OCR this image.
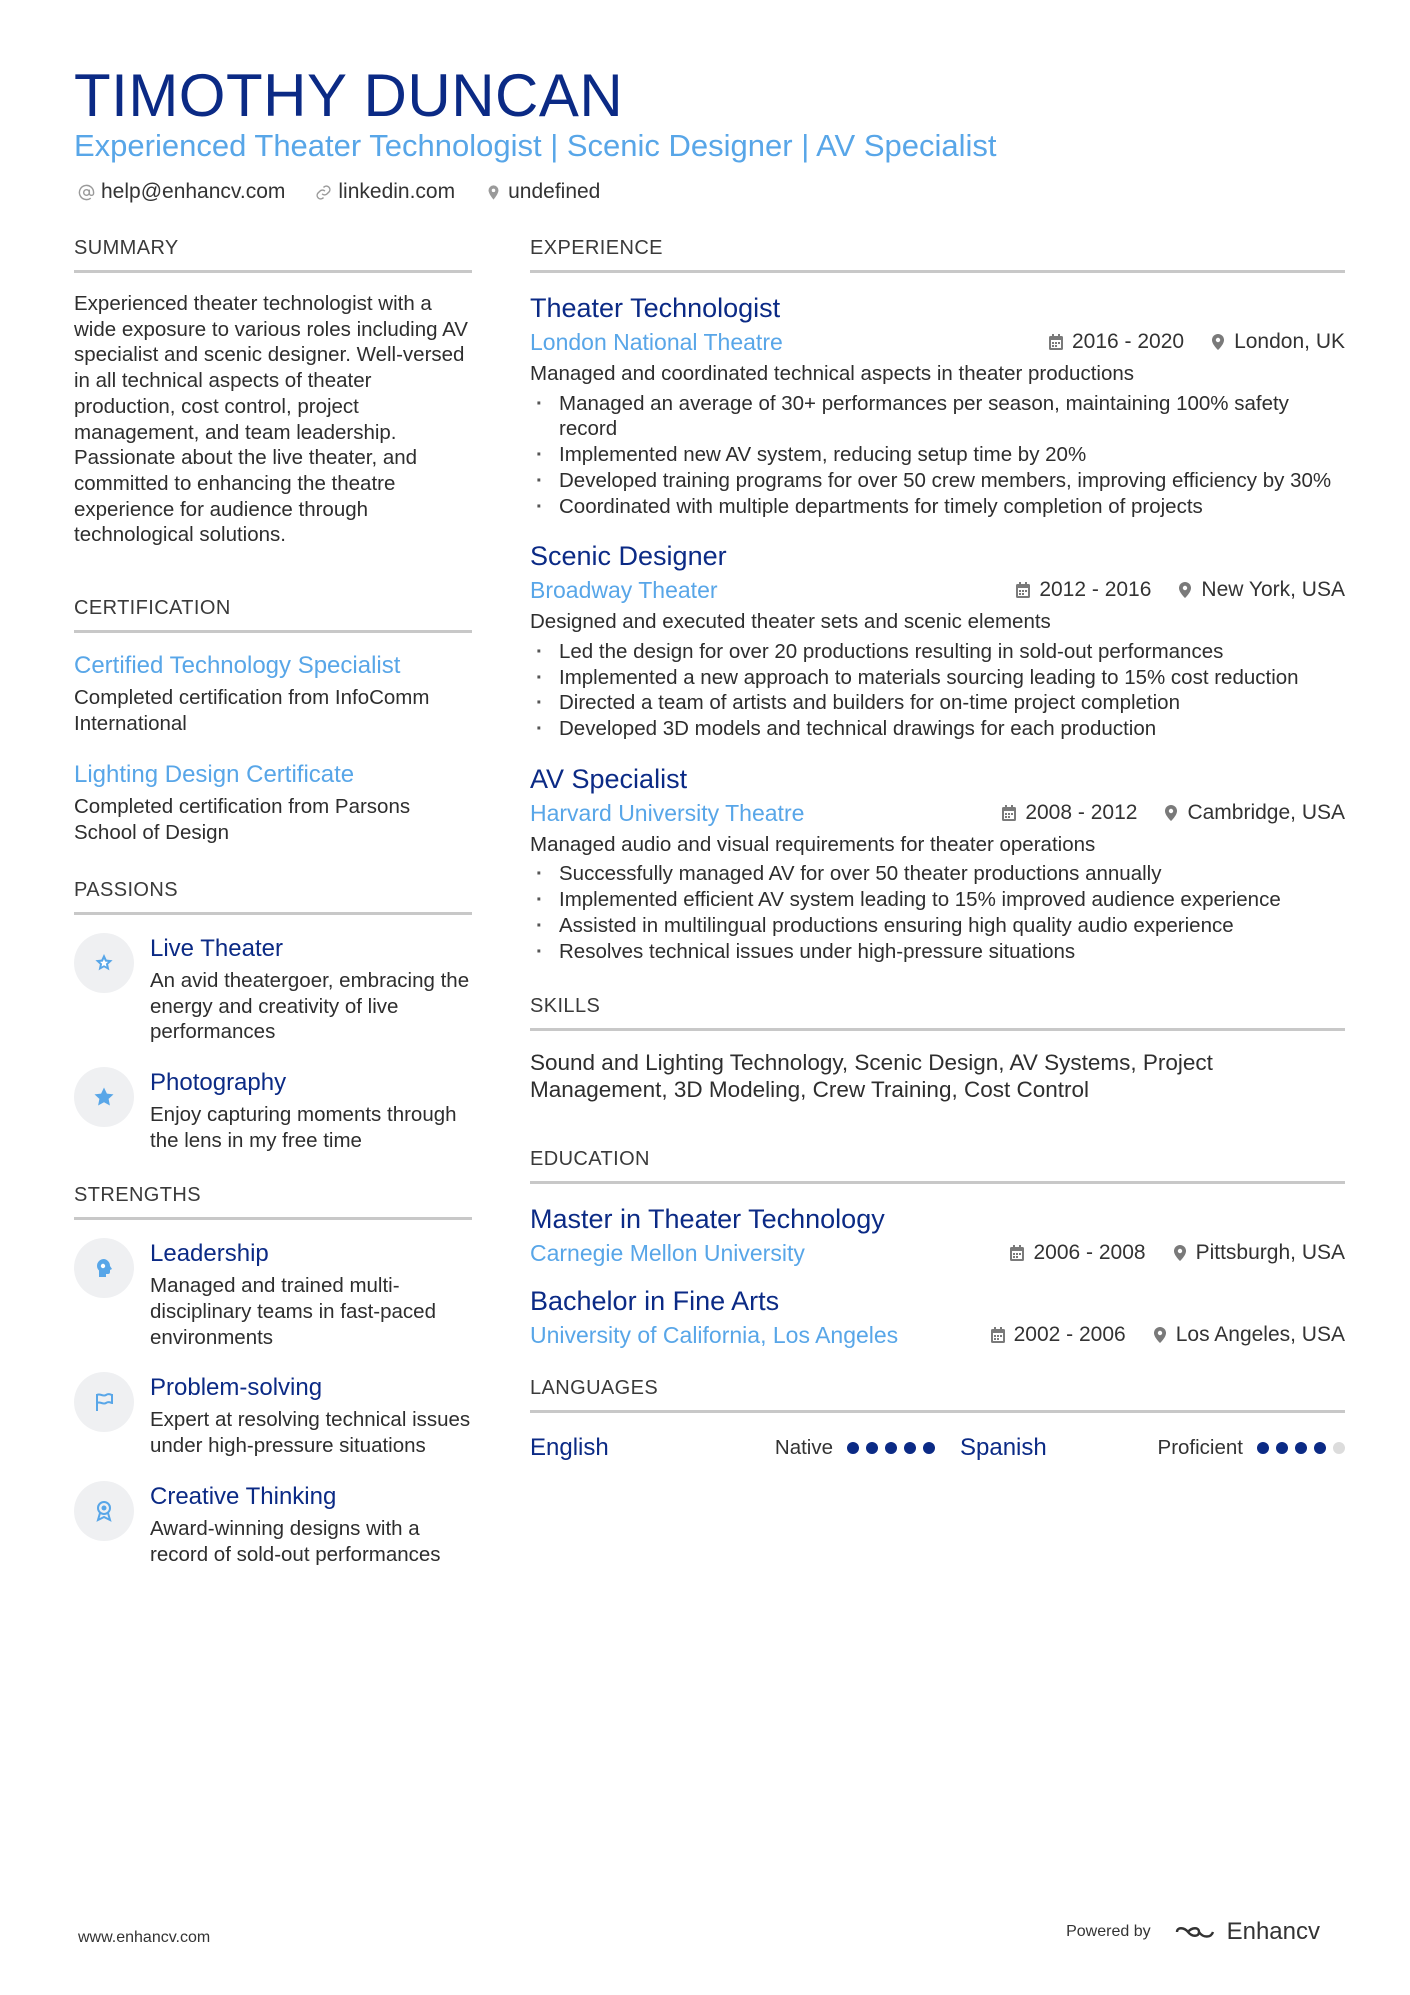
TIMOTHY DUNCAN
Experienced Theater Technologist | Scenic Designer | AV Specialist
help@enhancv.com	linkedin.com	undefined
SUMMARY
Experienced theater technologist with a wide exposure to various roles including AV specialist and scenic designer. Well-versed in all technical aspects of theater production, cost control, project management, and team leadership. Passionate about the live theater, and committed to enhancing the theatre experience for audience through technological solutions.
CERTIFICATION
Certified Technology Specialist
Completed certification from InfoComm International
Lighting Design Certificate
Completed certification from Parsons School of Design
PASSIONS
Live Theater
An avid theatergoer, embracing the energy and creativity of live performances
Photography
Enjoy capturing moments through the lens in my free time
STRENGTHS
Leadership
Managed and trained multi-disciplinary teams in fast-paced environments
Problem-solving
Expert at resolving technical issues under high-pressure situations
Creative Thinking
Award-winning designs with a record of sold-out performances
EXPERIENCE
Theater Technologist
London National Theatre	2016 - 2020 London, UK
Managed and coordinated technical aspects in theater productions
· Managed an average of 30+ performances per season, maintaining 100% safety record
· Implemented new AV system, reducing setup time by 20%
· Developed training programs for over 50 crew members, improving efficiency by 30%
· Coordinated with multiple departments for timely completion of projects
Scenic Designer
Broadway Theater	2012 - 2016 New York, USA
Designed and executed theater sets and scenic elements
· Led the design for over 20 productions resulting in sold-out performances
· Implemented a new approach to materials sourcing leading to 15% cost reduction
· Directed a team of artists and builders for on-time project completion
· Developed 3D models and technical drawings for each production
AV Specialist
Harvard University Theatre	2008 - 2012 Cambridge, USA
Managed audio and visual requirements for theater operations
· Successfully managed AV for over 50 theater productions annually
· Implemented efficient AV system leading to 15% improved audience experience
· Assisted in multilingual productions ensuring high quality audio experience
· Resolves technical issues under high-pressure situations
SKILLS
Sound and Lighting Technology, Scenic Design, AV Systems, Project Management, 3D Modeling, Crew Training, Cost Control
EDUCATION
Master in Theater Technology
Carnegie Mellon University	2006 - 2008 Pittsburgh, USA
Bachelor in Fine Arts
University of California, Los Angeles	2002 - 2006 Los Angeles, USA
LANGUAGES
English	Native	Spanish	Proficient
www.enhancv.com	Powered by	Enhancv
